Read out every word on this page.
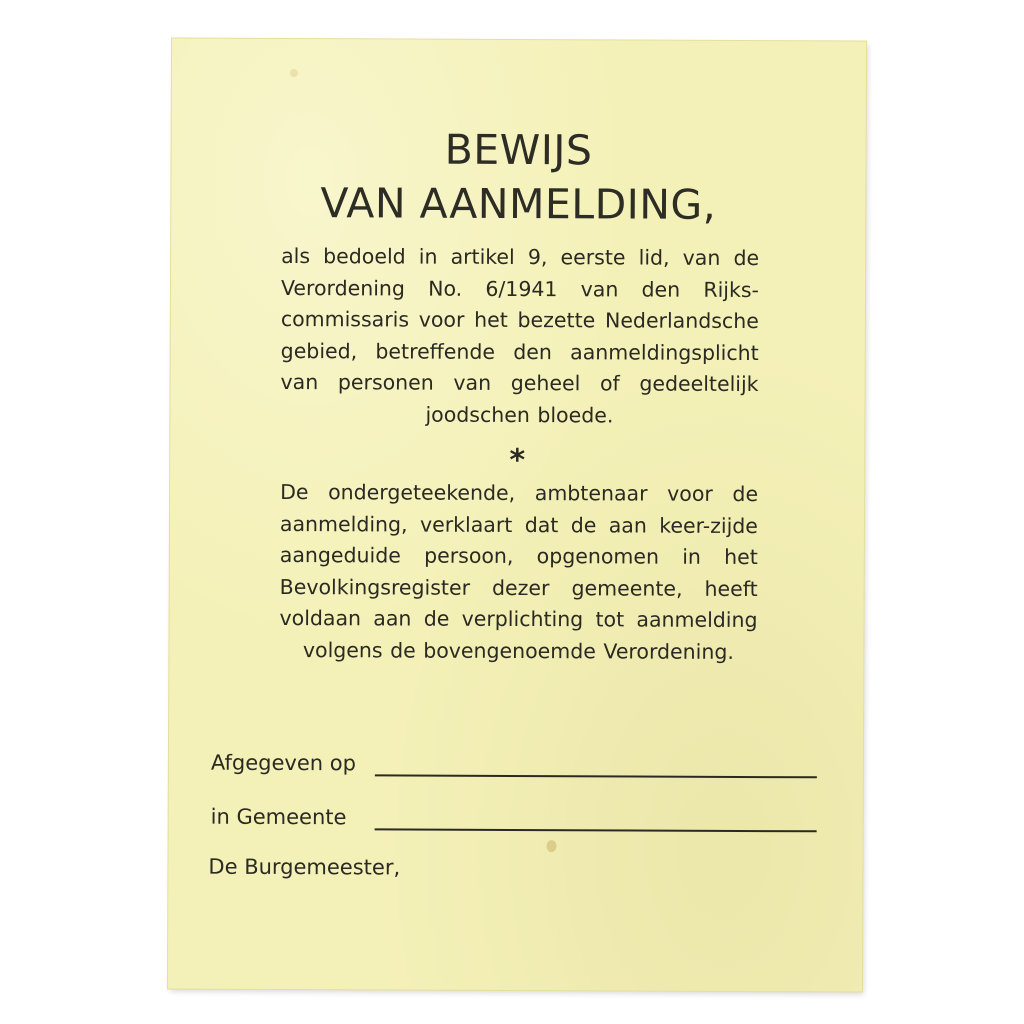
BEWIJS
VAN AANMELDING,
als bedoeld in artikel 9, eerste lid, van de Verordening No. 6/1941 van den Rijks-commissaris voor het bezette Nederlandsche gebied, betreffende den aanmeldingsplicht van personen van geheel of gedeeltelijk joodschen bloede.
*
De ondergeteekende, ambtenaar voor de aanmelding, verklaart dat de aan keer-zijde aangeduide persoon, opgenomen in het Bevolkingsregister dezer gemeente, heeft voldaan aan de verplichting tot aanmelding volgens de bovengenoemde Verordening.
Afgegeven op
in Gemeente
De Burgemeester,
